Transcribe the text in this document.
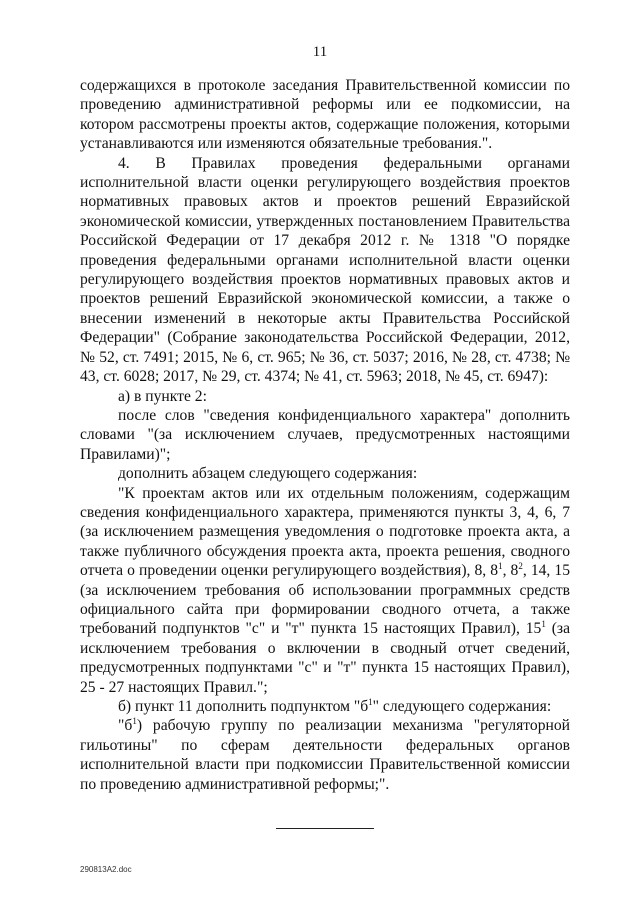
11

содержащихся в протоколе заседания Правительственной комиссии по проведению административной реформы или ее подкомиссии, на котором рассмотрены проекты актов, содержащие положения, которыми устанавливаются или изменяются обязательные требования.".

4. В Правилах проведения федеральными органами исполнительной власти оценки регулирующего воздействия проектов нормативных правовых актов и проектов решений Евразийской экономической комиссии, утвержденных постановлением Правительства Российской Федерации от 17 декабря 2012 г. № 1318 "О порядке проведения федеральными органами исполнительной власти оценки регулирующего воздействия проектов нормативных правовых актов и проектов решений Евразийской экономической комиссии, а также о внесении изменений в некоторые акты Правительства Российской Федерации" (Собрание законодательства Российской Федерации, 2012, № 52, ст. 7491; 2015, № 6, ст. 965; № 36, ст. 5037; 2016, № 28, ст. 4738; № 43, ст. 6028; 2017, № 29, ст. 4374; № 41, ст. 5963; 2018, № 45, ст. 6947):

а) в пункте 2:

после слов "сведения конфиденциального характера" дополнить словами "(за исключением случаев, предусмотренных настоящими Правилами)";

дополнить абзацем следующего содержания:

"К проектам актов или их отдельным положениям, содержащим сведения конфиденциального характера, применяются пункты 3, 4, 6, 7 (за исключением размещения уведомления о подготовке проекта акта, а также публичного обсуждения проекта акта, проекта решения, сводного отчета о проведении оценки регулирующего воздействия), 8, $8^1$, $8^2$, 14, 15 (за исключением требования об использовании программных средств официального сайта при формировании сводного отчета, а также требований подпунктов "с" и "т" пункта 15 настоящих Правил), $15^1$ (за исключением требования о включении в сводный отчет сведений, предусмотренных подпунктами "с" и "т" пункта 15 настоящих Правил), 25 - 27 настоящих Правил.";

б) пункт 11 дополнить подпунктом "$б^1$" следующего содержания:

"$б^1$) рабочую группу по реализации механизма "регуляторной гильотины" по сферам деятельности федеральных органов исполнительной власти при подкомиссии Правительственной комиссии по проведению административной реформы;".

290813A2.doc
